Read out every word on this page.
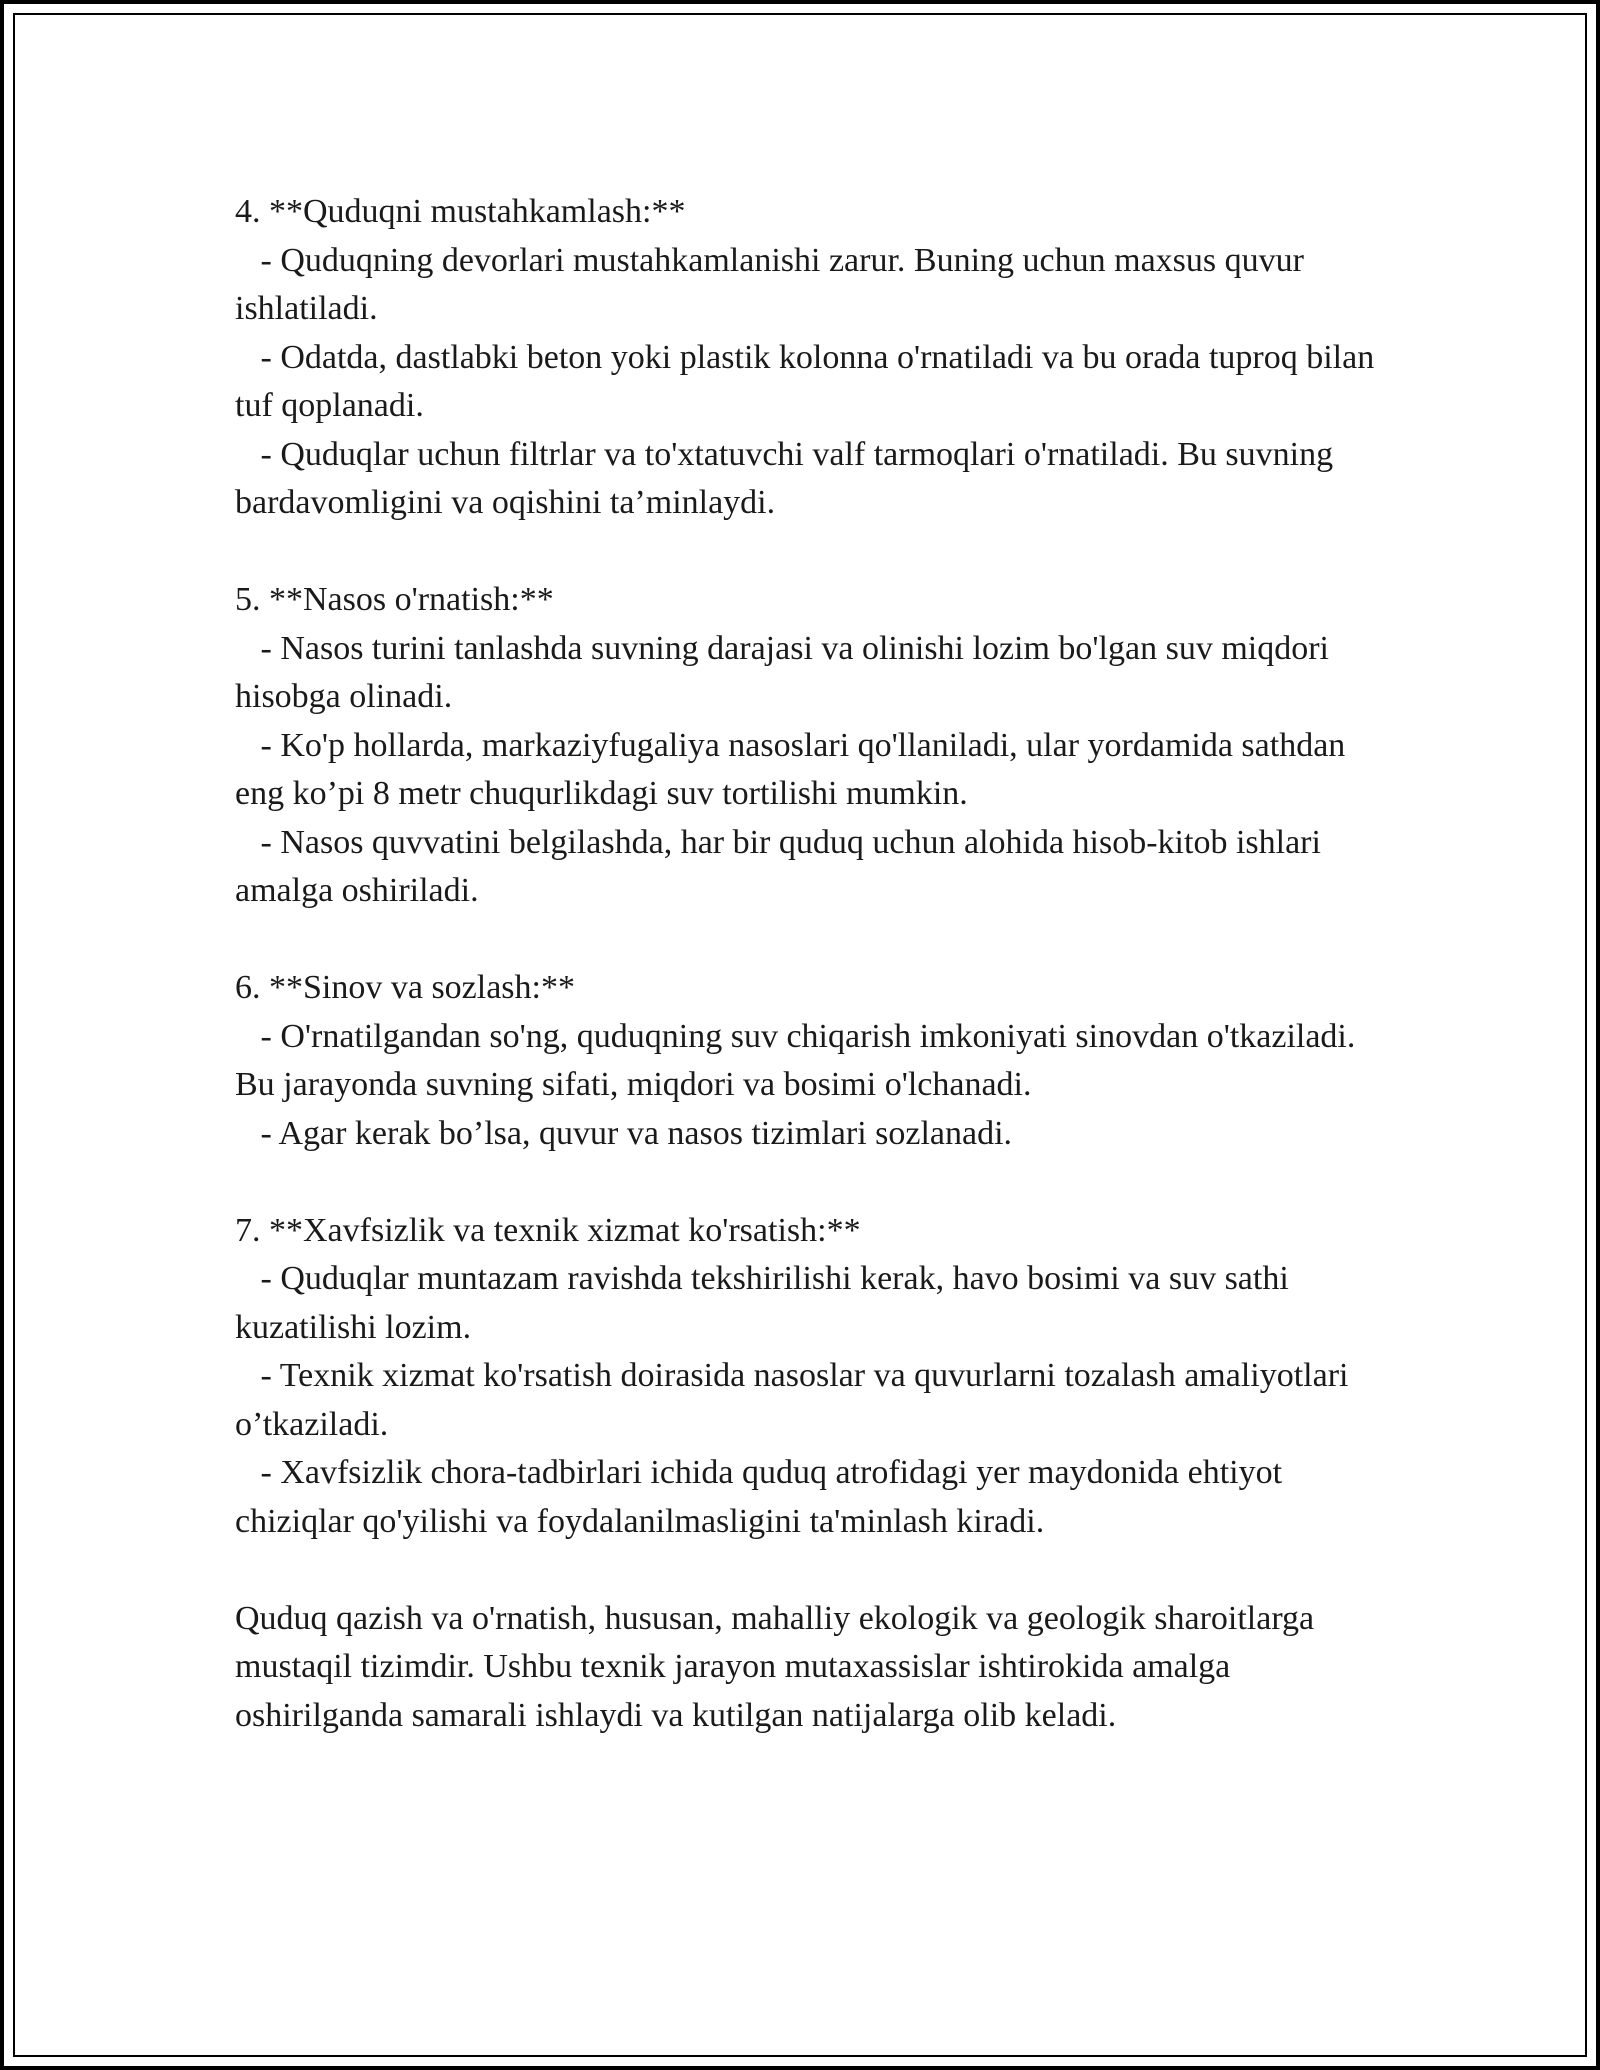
4. **Quduqni mustahkamlash:**

- Quduqning devorlari mustahkamlanishi zarur. Buning uchun maxsus quvur ishlatiladi.

- Odatda, dastlabki beton yoki plastik kolonna o'rnatiladi va bu orada tuproq bilan tuf qoplanadi.

- Quduqlar uchun filtrlar va to'xtatuvchi valf tarmoqlari o'rnatiladi. Bu suvning bardavomligini va oqishini ta’minlaydi.

5. **Nasos o'rnatish:**

- Nasos turini tanlashda suvning darajasi va olinishi lozim bo'lgan suv miqdori hisobga olinadi.

- Ko'p hollarda, markaziyfugaliya nasoslari qo'llaniladi, ular yordamida sathdan eng ko’pi 8 metr chuqurlikdagi suv tortilishi mumkin.

- Nasos quvvatini belgilashda, har bir quduq uchun alohida hisob-kitob ishlari amalga oshiriladi.

6. **Sinov va sozlash:**

- O'rnatilgandan so'ng, quduqning suv chiqarish imkoniyati sinovdan o'tkaziladi. Bu jarayonda suvning sifati, miqdori va bosimi o'lchanadi.

- Agar kerak bo’lsa, quvur va nasos tizimlari sozlanadi.

7. **Xavfsizlik va texnik xizmat ko'rsatish:**

- Quduqlar muntazam ravishda tekshirilishi kerak, havo bosimi va suv sathi kuzatilishi lozim.

- Texnik xizmat ko'rsatish doirasida nasoslar va quvurlarni tozalash amaliyotlari o’tkaziladi.

- Xavfsizlik chora-tadbirlari ichida quduq atrofidagi yer maydonida ehtiyot chiziqlar qo'yilishi va foydalanilmasligini ta'minlash kiradi.

Quduq qazish va o'rnatish, hususan, mahalliy ekologik va geologik sharoitlarga mustaqil tizimdir. Ushbu texnik jarayon mutaxassislar ishtirokida amalga oshirilganda samarali ishlaydi va kutilgan natijalarga olib keladi.
